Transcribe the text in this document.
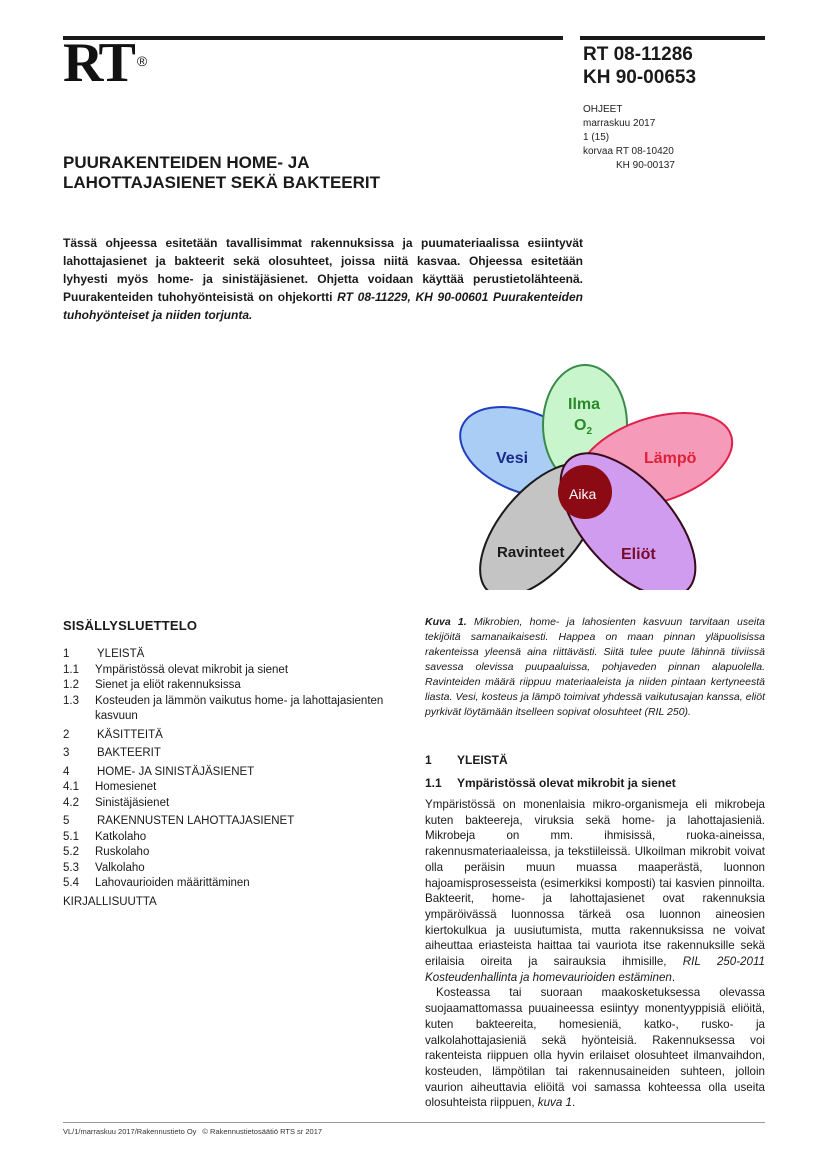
RT ®	RT 08-11286
KH 90-00653
OHJEET
marraskuu 2017
1 (15)
korvaa RT 08-10420
KH 90-00137
PUURAKENTEIDEN HOME- JA
LAHOTTAJASIENET SEKÄ BAKTEERIT
Tässä ohjeessa esitetään tavallisimmat rakennuksissa ja puumateriaalissa esiintyvät lahottajasienet ja bakteerit sekä olosuhteet, joissa niitä kasvaa. Ohjeessa esitetään lyhyesti myös home- ja sinistäjäsienet. Ohjetta voidaan käyttää perustietolähteenä. Puurakenteiden tuhohyönteisistä on ohjekortti RT 08-11229, KH 90-00601 Puurakenteiden tuhohyönteiset ja niiden torjunta.
Vesi
Ilma
$O_2$
Lämpö
Ravinteet	Eliöt
Aika
SISÄLLYSLUETTELO
1	YLEISTÄ
1.1	Ympäristössä olevat mikrobit ja sienet
1.2	Sienet ja eliöt rakennuksissa
1.3	Kosteuden ja lämmön vaikutus home- ja lahottajasienten kasvuun
2	KÄSITTEITÄ
3	BAKTEERIT
4	HOME- JA SINISTÄJÄSIENET
4.1	Homesienet
4.2	Sinistäjäsienet
5	RAKENNUSTEN LAHOTTAJASIENET
5.1	Katkolaho
5.2	Ruskolaho
5.3	Valkolaho
5.4	Lahovaurioiden määrittäminen
KIRJALLISUUTTA
Kuva 1. Mikrobien, home- ja lahosienten kasvuun tarvitaan useita tekijöitä samanaikaisesti. Happea on maan pinnan yläpuolisissa rakenteissa yleensä aina riittävästi. Siitä tulee puute lähinnä tiiviissä savessa olevissa puupaaluissa, pohjaveden pinnan alapuolella. Ravinteiden määrä riippuu materiaaleista ja niiden pintaan kertyneestä liasta. Vesi, kosteus ja lämpö toimivat yhdessä vaikutusajan kanssa, eliöt pyrkivät löytämään itselleen sopivat olosuhteet (RIL 250).
1 YLEISTÄ
1.1 Ympäristössä olevat mikrobit ja sienet

Ympäristössä on monenlaisia mikro-organismeja eli mikrobeja kuten bakteereja, viruksia sekä home- ja lahottajasieniä. Mikrobeja on mm. ihmisissä, ruoka-aineissa, rakennusmateriaaleissa, ja tekstiileissä. Ulkoilman mikrobit voivat olla peräisin muun muassa maaperästä, luonnon hajoamisprosesseista (esimerkiksi komposti) tai kasvien pinnoilta. Bakteerit, home- ja lahottajasienet ovat rakennuksia ympäröivässä luonnossa tärkeä osa luonnon aineosien kiertokulkua ja uusiutumista, mutta rakennuksissa ne voivat aiheuttaa eriasteista haittaa tai vauriota itse rakennuksille sekä erilaisia oireita ja sairauksia ihmisille, RIL 250-2011 Kosteudenhallinta ja homevaurioiden estäminen.

Kosteassa tai suoraan maakosketuksessa olevassa suojaamattomassa puuaineessa esiintyy monentyyppisiä eliöitä, kuten bakteereita, homesieniä, katko-, rusko- ja valkolahottajasieniä sekä hyönteisiä. Rakennuksessa voi rakenteista riippuen olla hyvin erilaiset olosuhteet ilmanvaihdon, kosteuden, lämpötilan tai rakennusaineiden suhteen, jolloin vaurion aiheuttavia eliöitä voi samassa kohteessa olla useita olosuhteista riippuen, kuva 1.

VL/1/marraskuu 2017/Rakennustieto Oy © Rakennustietosäätiö RTS sr 2017
